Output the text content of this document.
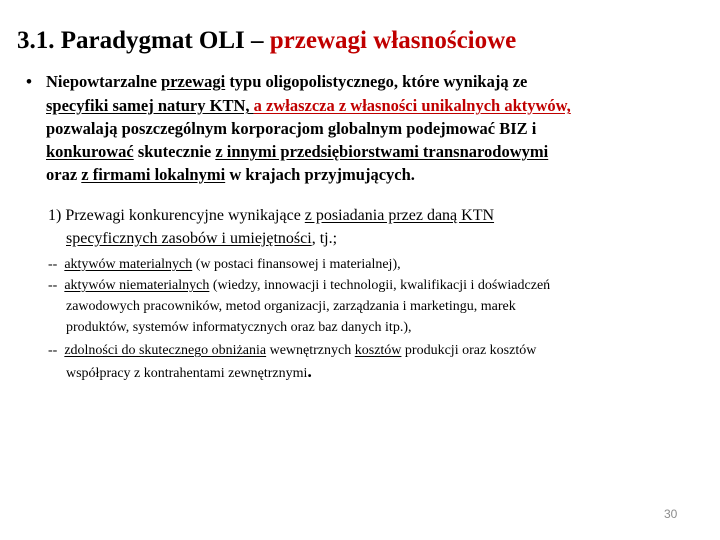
3.1. Paradygmat OLI – przewagi własnościowe
• Niepowtarzalne przewagi typu oligopolistycznego, które wynikają ze
specyfiki samej natury KTN, a zwłaszcza z własności unikalnych aktywów,
pozwalają poszczególnym korporacjom globalnym podejmować BIZ i
konkurować skutecznie z innymi przedsiębiorstwami transnarodowymi
oraz z firmami lokalnymi w krajach przyjmujących.
1) Przewagi konkurencyjne wynikające z posiadania przez daną KTN
specyficznych zasobów i umiejętności, tj.;
-- aktywów materialnych (w postaci finansowej i materialnej),
-- aktywów niematerialnych (wiedzy, innowacji i technologii, kwalifikacji i doświadczeń
zawodowych pracowników, metod organizacji, zarządzania i marketingu, marek
produktów, systemów informatycznych oraz baz danych itp.),
-- zdolności do skutecznego obniżania wewnętrznych kosztów produkcji oraz kosztów
współpracy z kontrahentami zewnętrznymi.
30
